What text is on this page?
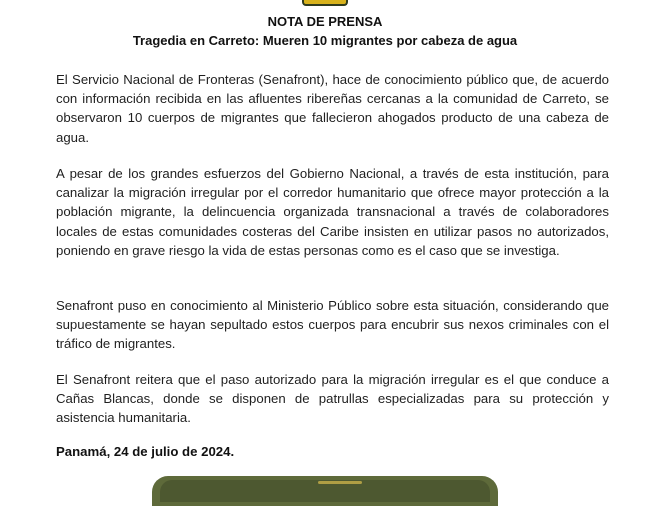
NOTA DE PRENSA
Tragedia en Carreto: Mueren 10 migrantes por cabeza de agua

El Servicio Nacional de Fronteras (Senafront), hace de conocimiento público que, de acuerdo con información recibida en las afluentes ribereñas cercanas a la comunidad de Carreto, se observaron 10 cuerpos de migrantes que fallecieron ahogados producto de una cabeza de agua.

A pesar de los grandes esfuerzos del Gobierno Nacional, a través de esta institución, para canalizar la migración irregular por el corredor humanitario que ofrece mayor protección a la población migrante, la delincuencia organizada transnacional a través de colaboradores locales de estas comunidades costeras del Caribe insisten en utilizar pasos no autorizados, poniendo en grave riesgo la vida de estas personas como es el caso que se investiga.

Senafront puso en conocimiento al Ministerio Público sobre esta situación, considerando que supuestamente se hayan sepultado estos cuerpos para encubrir sus nexos criminales con el tráfico de migrantes.

El Senafront reitera que el paso autorizado para la migración irregular es el que conduce a Cañas Blancas, donde se disponen de patrullas especializadas para su protección y asistencia humanitaria.

Panamá, 24 de julio de 2024.
